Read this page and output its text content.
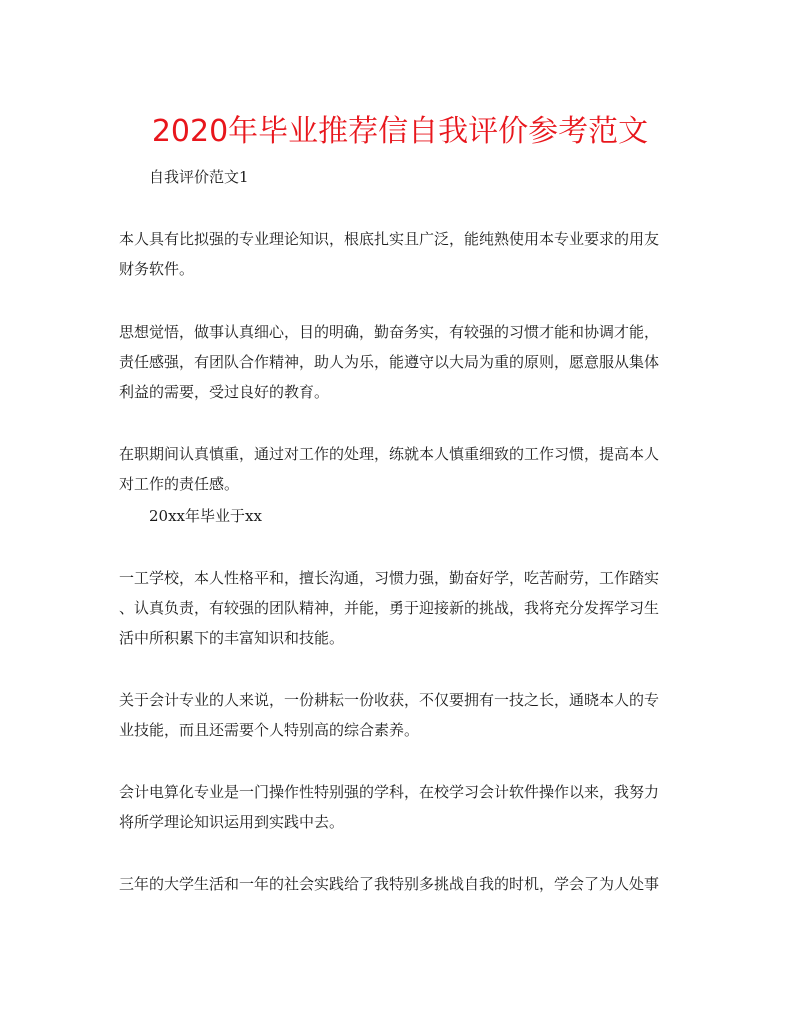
2020年毕业推荐信自我评价参考范文

自我评价范文1

本人具有比拟强的专业理论知识，根底扎实且广泛，能纯熟使用本专业要求的用友

财务软件。

思想觉悟，做事认真细心，目的明确，勤奋务实，有较强的习惯才能和协调才能，

责任感强，有团队合作精神，助人为乐，能遵守以大局为重的原则，愿意服从集体

利益的需要，受过良好的教育。

在职期间认真慎重，通过对工作的处理，练就本人慎重细致的工作习惯，提高本人

对工作的责任感。

20xx年毕业于xx

一工学校，本人性格平和，擅长沟通，习惯力强，勤奋好学，吃苦耐劳，工作踏实

、认真负责，有较强的团队精神，并能，勇于迎接新的挑战，我将充分发挥学习生

活中所积累下的丰富知识和技能。

关于会计专业的人来说，一份耕耘一份收获，不仅要拥有一技之长，通晓本人的专

业技能，而且还需要个人特别高的综合素养。

会计电算化专业是一门操作性特别强的学科，在校学习会计软件操作以来，我努力

将所学理论知识运用到实践中去。

三年的大学生活和一年的社会实践给了我特别多挑战自我的时机，学会了为人处事
